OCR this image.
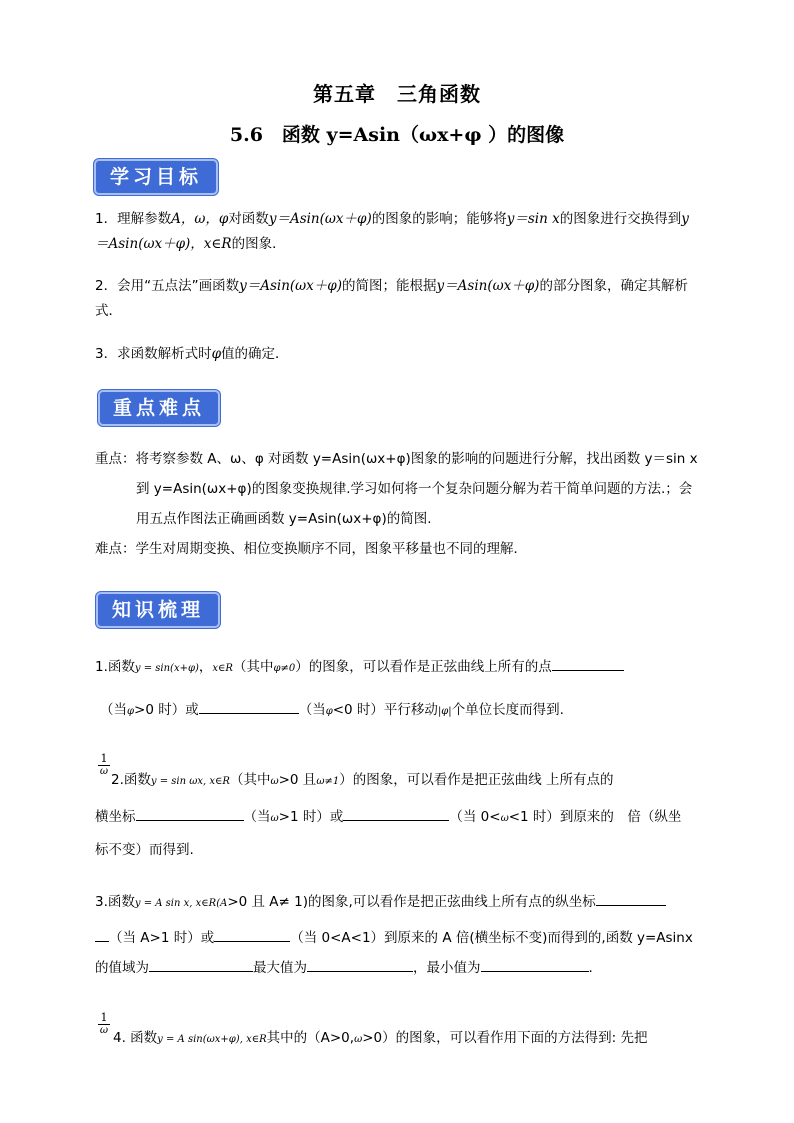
第五章　三角函数
5.6　函数 y=Asin（ωx+φ ）的图像
学习目标
1．理解参数A，ω，φ对函数y＝Asin(ωx＋φ)的图象的影响；能够将y＝sin x的图象进行交换得到y
＝Asin(ωx＋φ)，x∈R的图象．
2．会用“五点法”画函数y＝Asin(ωx＋φ)的简图；能根据y＝Asin(ωx＋φ)的部分图象，确定其解析
式．
3．求函数解析式时φ值的确定．
重点难点
重点：将考察参数 A、ω、φ 对函数 y=Asin(ωx+φ)图象的影响的问题进行分解，找出函数 y＝sin x
到 y=Asin(ωx+φ)的图象变换规律.学习如何将一个复杂问题分解为若干简单问题的方法.；会
用五点作图法正确画函数 y=Asin(ωx+φ)的简图.
难点：学生对周期变换、相位变换顺序不同，图象平移量也不同的理解．
知识梳理
1.函数y = sin(x+φ)，x∈R（其中φ≠0）的图象，可以看作是正弦曲线上所有的点
（当φ>0 时）或	（当φ<0 时）平行移动|φ|个单位长度而得到.
$\frac{1}{\omega}$
2.函数y = sin ωx, x∈R（其中ω>0 且ω≠1）的图象，可以看作是把正弦曲线 上所有点的
横坐标	（当ω>1 时）或	（当 0<ω<1 时）到原来的　倍（纵坐
标不变）而得到.
3.函数y = A sin x, x∈R(A>0 且 A≠ 1)的图象,可以看作是把正弦曲线上所有点的纵坐标
（当 A>1 时）或	（当 0<A<1）到原来的 A 倍(横坐标不变)而得到的,函数 y=Asinx
的值域为	最大值为	，最小值为	.
$\frac{1}{\omega}$
4. 函数y = A sin(ωx+φ), x∈R其中的（A>0,ω>0）的图象，可以看作用下面的方法得到: 先把
